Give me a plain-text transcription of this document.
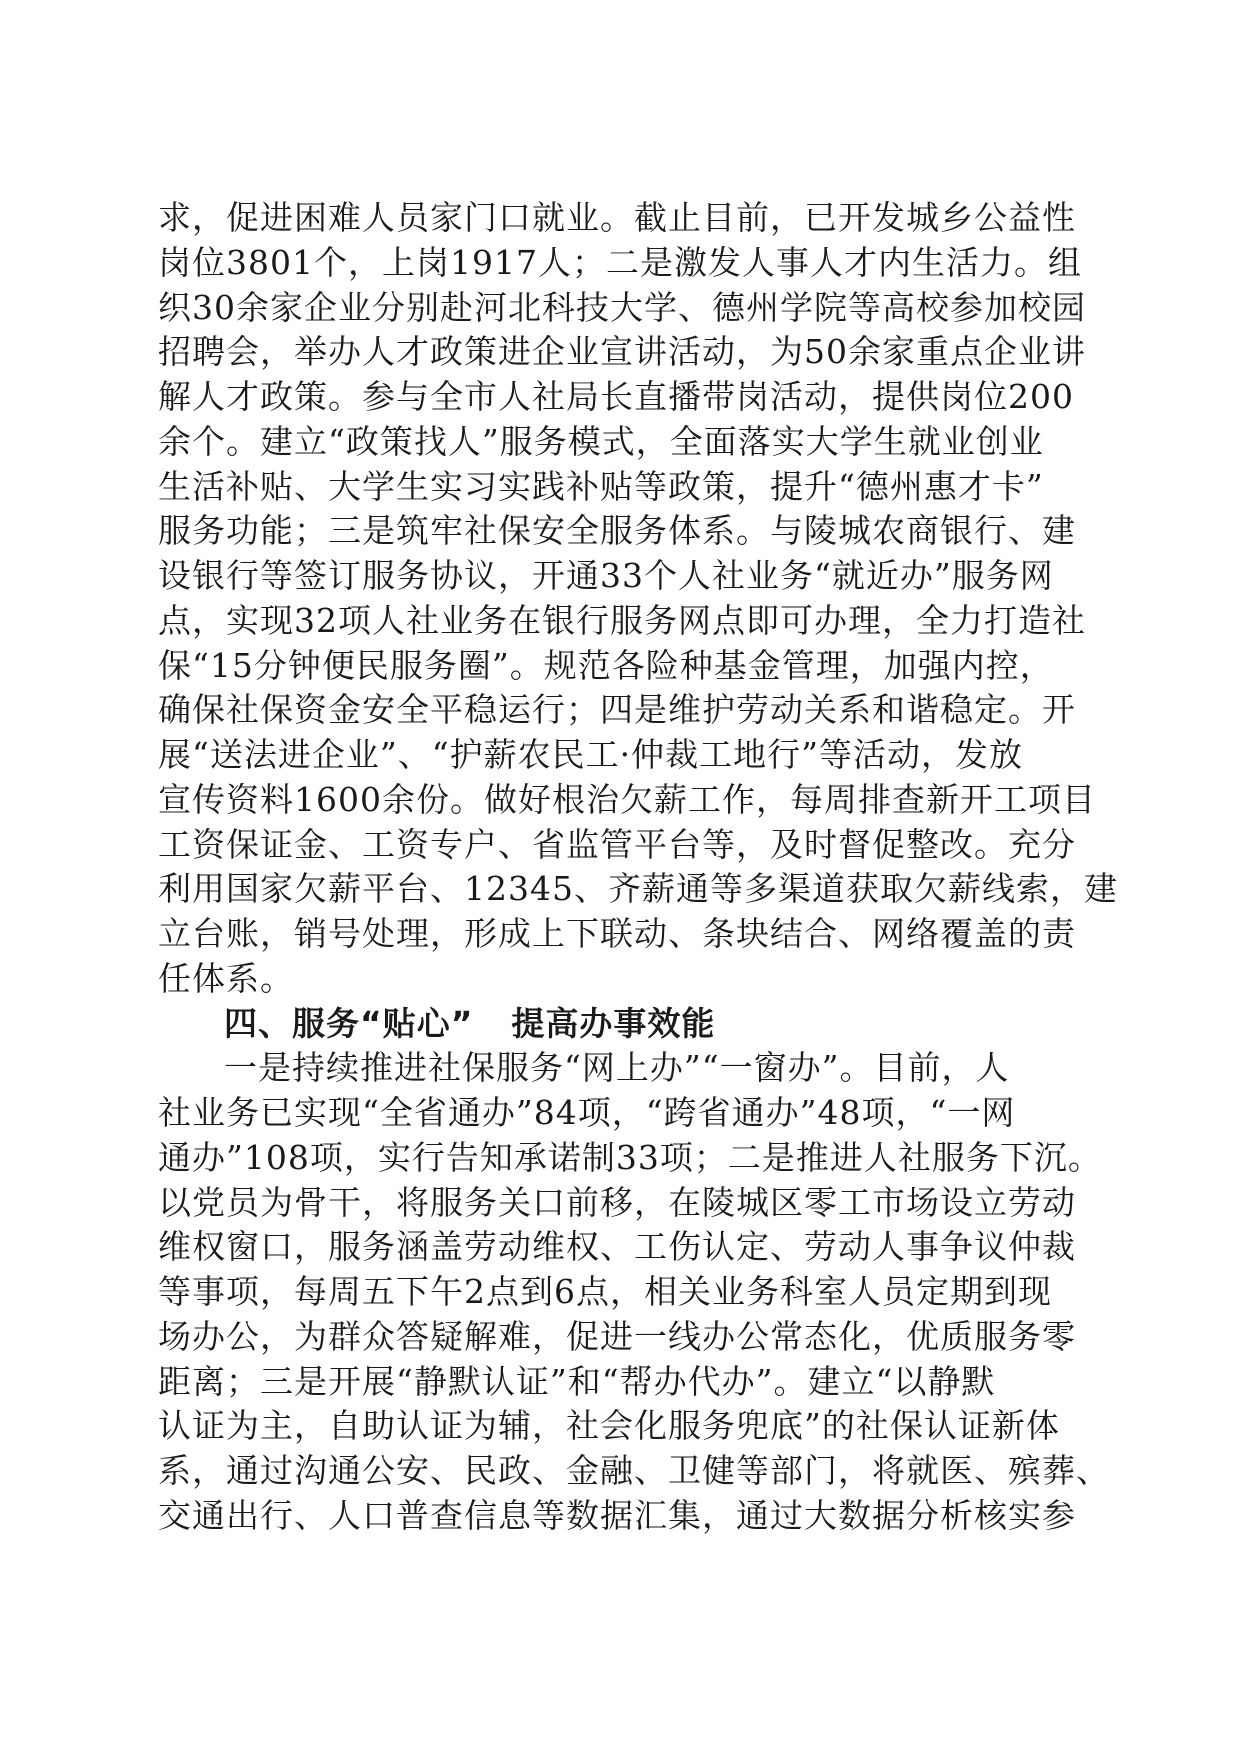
求，促进困难人员家门口就业。截止目前，已开发城乡公益性
岗位3801个，上岗1917人；二是激发人事人才内生活力。组
织30余家企业分别赴河北科技大学、德州学院等高校参加校园
招聘会，举办人才政策进企业宣讲活动，为50余家重点企业讲
解人才政策。参与全市人社局长直播带岗活动，提供岗位200
余个。建立“政策找人”服务模式，全面落实大学生就业创业
生活补贴、大学生实习实践补贴等政策，提升“德州惠才卡”
服务功能；三是筑牢社保安全服务体系。与陵城农商银行、建
设银行等签订服务协议，开通33个人社业务“就近办”服务网
点，实现32项人社业务在银行服务网点即可办理，全力打造社
保“15分钟便民服务圈”。规范各险种基金管理，加强内控，
确保社保资金安全平稳运行；四是维护劳动关系和谐稳定。开
展“送法进企业”、“护薪农民工·仲裁工地行”等活动，发放
宣传资料1600余份。做好根治欠薪工作，每周排查新开工项目
工资保证金、工资专户、省监管平台等，及时督促整改。充分
利用国家欠薪平台、12345、齐薪通等多渠道获取欠薪线索，建
立台账，销号处理，形成上下联动、条块结合、网络覆盖的责
任体系。
四、服务“贴心” 提高办事效能
一是持续推进社保服务“网上办”“一窗办”。目前，人
社业务已实现“全省通办”84项，“跨省通办”48项，“一网
通办”108项，实行告知承诺制33项；二是推进人社服务下沉。
以党员为骨干，将服务关口前移，在陵城区零工市场设立劳动
维权窗口，服务涵盖劳动维权、工伤认定、劳动人事争议仲裁
等事项，每周五下午2点到6点，相关业务科室人员定期到现
场办公，为群众答疑解难，促进一线办公常态化，优质服务零
距离；三是开展“静默认证”和“帮办代办”。建立“以静默
认证为主，自助认证为辅，社会化服务兜底”的社保认证新体
系，通过沟通公安、民政、金融、卫健等部门，将就医、殡葬、
交通出行、人口普查信息等数据汇集，通过大数据分析核实参
